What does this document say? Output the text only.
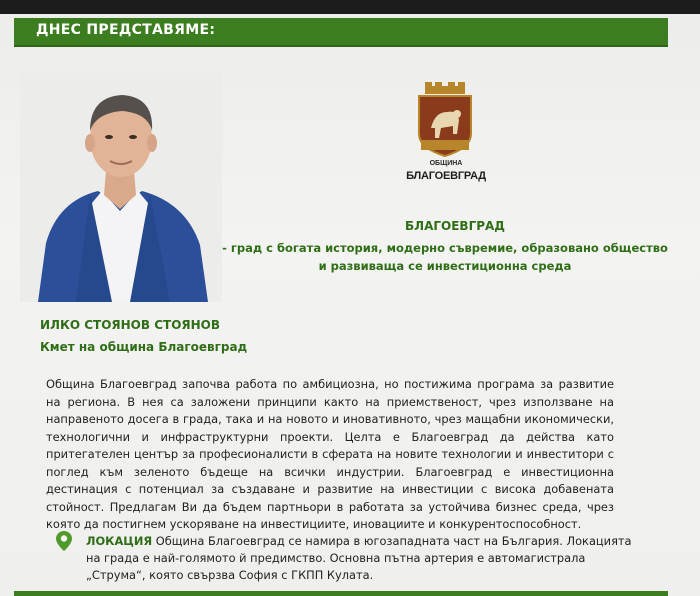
ДНЕС ПРЕДСТАВЯМЕ:
ОБЩИНА
БЛАГОЕВГРАД
БЛАГОЕВГРАД
- град с богата история, модерно съвремие, образовано общество
и развиваща се инвестиционна среда
ИЛКО СТОЯНОВ СТОЯНОВ
Кмет на община Благоевград
Община Благоевград започва работа по амбициозна, но постижима програма за развитие на региона. В нея са заложени принципи както на приемственост, чрез използване на направеното досега в града, така и на новото и иновативното, чрез мащабни икономически, технологични и инфраструктурни проекти. Целта е Благоевград да действа като притегателен център за професионалисти в сферата на новите технологии и инвеститори с поглед към зеленото бъдеще на всички индустрии. Благоевград е инвестиционна дестинация с потенциал за създаване и развитие на инвестиции с висока добавената стойност. Предлагам Ви да бъдем партньори в работата за устойчива бизнес среда, чрез която да постигнем ускоряване на инвестициите, иновациите и конкурентоспособност.
ЛОКАЦИЯ Община Благоевград се намира в югозападната част на България. Локацията на града е най-голямото й предимство. Основна пътна артерия е автомагистрала „Струма“, която свързва София с ГКПП Кулата.
